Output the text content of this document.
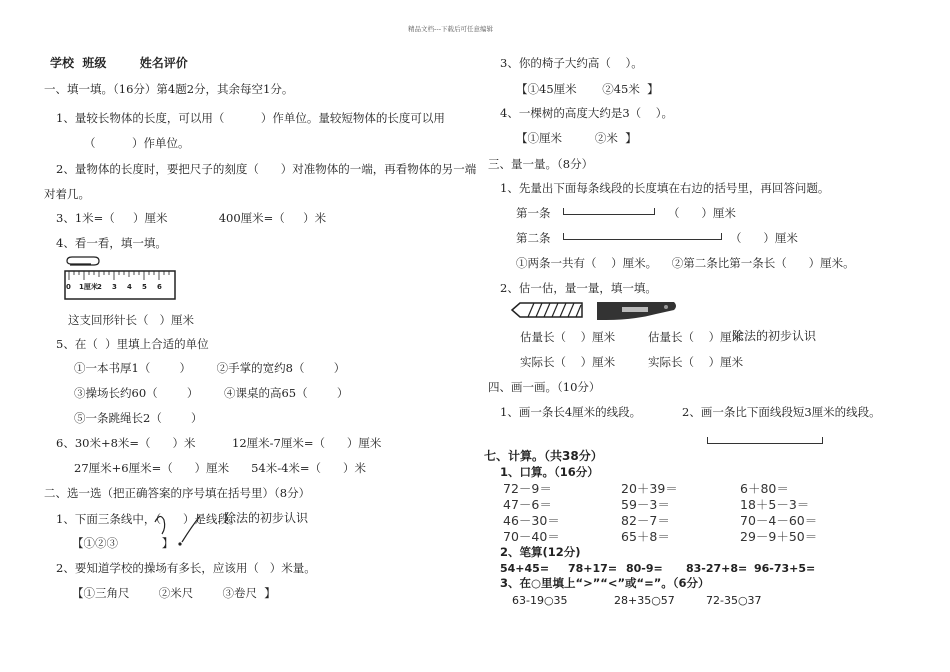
精品文档---下载后可任意编辑
学校  班级        姓名评价
一、填一填。（16分）第4题2分，其余每空1分。
1、量较长物体的长度，可以用（          ）作单位。量较短物体的长度可以用
（          ）作单位。
2、量物体的长度时，要把尺子的刻度（      ）对准物体的一端，再看物体的另一端
对着几。
3、1米=（     ）厘米              400厘米=（     ）米
4、看一看，填一填。
0 1厘米 2 3 4 5 6
这支回形针长（   ）厘米
5、在（  ）里填上合适的单位
①一本书厚1（        ）       ②手掌的宽约8（        ）
③操场长约60（        ）       ④课桌的高65（        ）
⑤一条跳绳长2（        ）
6、30米+8米=（      ）米          12厘米-7厘米=（      ）厘米
27厘米+6厘米=（      ）厘米      54米-4米=（      ）米
二、选一选（把正确答案的序号填在括号里）（8分）
1、下面三条线中，（      ）是线段。
除法的初步认识
【①②③            】
2、要知道学校的操场有多长，应该用（   ）米量。
【①三角尺        ②米尺        ③卷尺  】
3、你的椅子大约高（    ）。
【①45厘米       ②45米  】
4、一棵树的高度大约是3（    ）。
【①厘米         ②米  】
三、量一量。（8分）
1、先量出下面每条线段的长度填在右边的括号里，再回答问题。
第一条	（      ）厘米
第二条	（      ）厘米
①两条一共有（    ）厘米。    ②第二条比第一条长（      ）厘米。
2、估一估，量一量，填一填。
估量长（    ）厘米
实际长（    ）厘米
估量长（    ）厘米
除法的初步认识
实际长（    ）厘米
四、画一画。（10分）
1、画一条长4厘米的线段。	2、画一条比下面线段短3厘米的线段。
七、计算。（共38分）
1、口算。（16分）
72－9＝	20＋39＝	6＋80＝
47－6＝	59－3＝	18＋5－3＝
46－30＝	82－7＝	70－4－60＝
70－40＝	65＋8＝	29－9＋50＝
2、笔算(12分)
54+45= 78+17= 80-9= 83-27+8= 96-73+5=
3、在○里填上“>”“<”或“=”。（6分）
63-19○35	28+35○57	72-35○37
